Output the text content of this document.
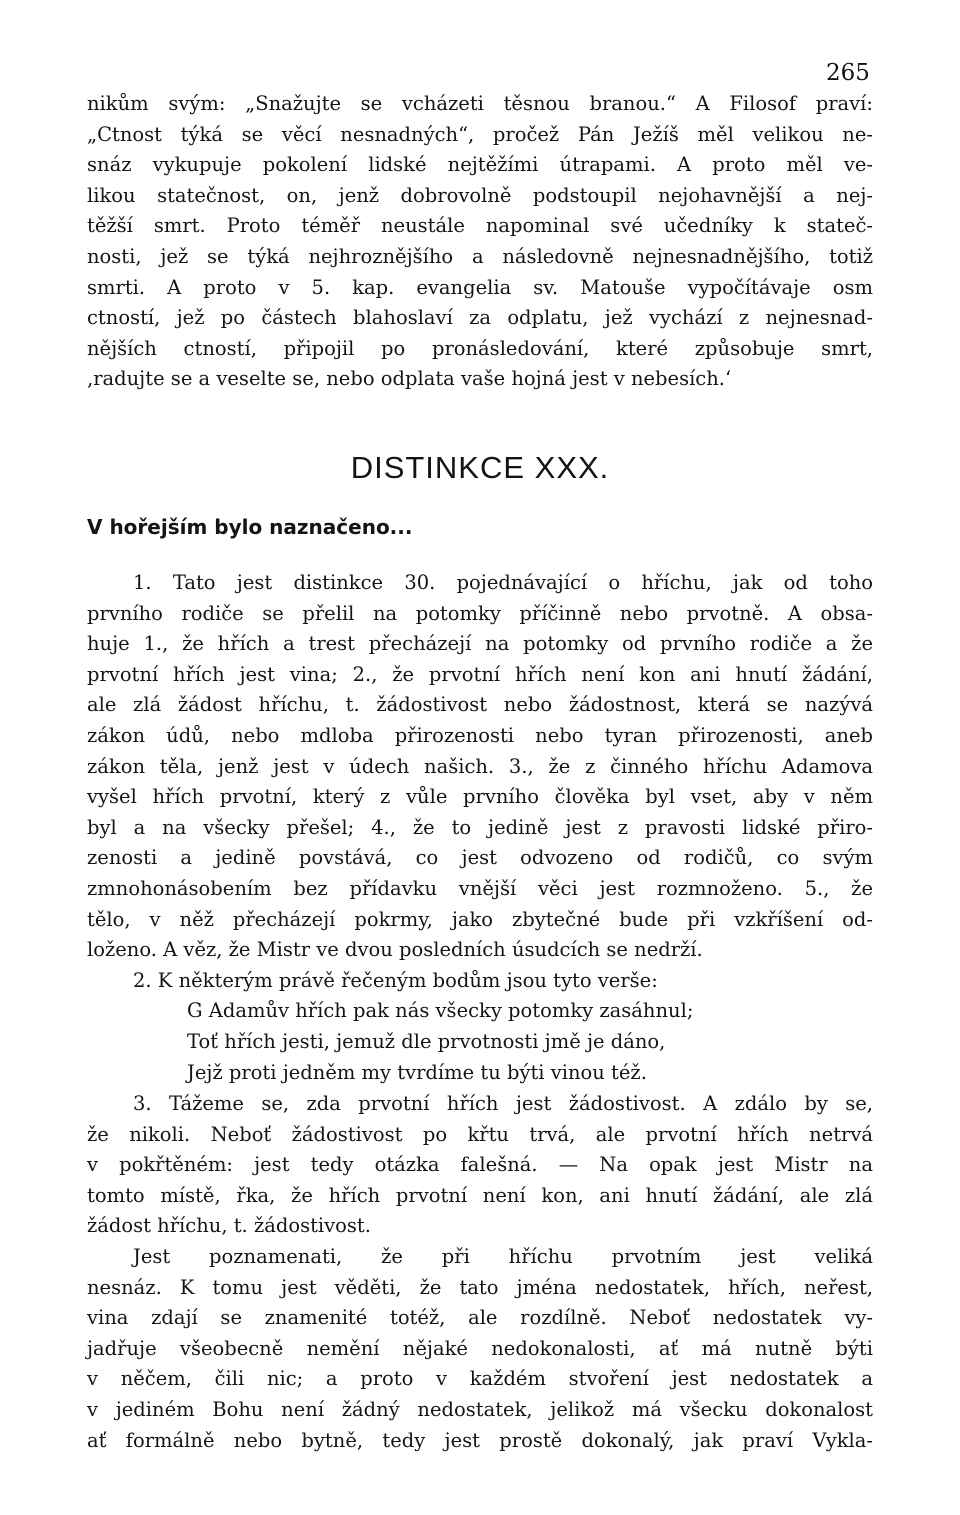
265
nikům svým: „Snažujte se vcházeti těsnou branou.“ A Filosof praví:
„Ctnost týká se věcí nesnadných“, pročež Pán Ježíš měl velikou ne-
snáz vykupuje pokolení lidské nejtěžími útrapami. A proto měl ve-
likou statečnost, on, jenž dobrovolně podstoupil nejohavnější a nej-
těžší smrt. Proto téměř neustále napominal své učedníky k stateč-
nosti, jež se týká nejhroznějšího a následovně nejnesnadnějšího, totiž
smrti. A proto v 5. kap. evangelia sv. Matouše vypočítávaje osm
ctností, jež po částech blahoslaví za odplatu, jež vychází z nejnesnad-
nějších ctností, připojil po pronásledování, které způsobuje smrt,
‚radujte se a veselte se, nebo odplata vaše hojná jest v nebesích.‘
DISTINKCE XXX.
V hořejším bylo naznačeno...
1. Tato jest distinkce 30. pojednávající o hříchu, jak od toho
prvního rodiče se přelil na potomky příčinně nebo prvotně. A obsa-
huje 1., že hřích a trest přecházejí na potomky od prvního rodiče a že
prvotní hřích jest vina; 2., že prvotní hřích není kon ani hnutí žádání,
ale zlá žádost hříchu, t. žádostivost nebo žádostnost, která se nazývá
zákon údů, nebo mdloba přirozenosti nebo tyran přirozenosti, aneb
zákon těla, jenž jest v údech našich. 3., že z činného hříchu Adamova
vyšel hřích prvotní, který z vůle prvního člověka byl vset, aby v něm
byl a na všecky přešel; 4., že to jedině jest z pravosti lidské přiro-
zenosti a jedině povstává, co jest odvozeno od rodičů, co svým
zmnohonásobením bez přídavku vnější věci jest rozmnoženo. 5., že
tělo, v něž přecházejí pokrmy, jako zbytečné bude při vzkříšení od-
loženo. A věz, že Mistr ve dvou posledních úsudcích se nedrží.
2. K některým právě řečeným bodům jsou tyto verše:
G Adamův hřích pak nás všecky potomky zasáhnul;
Toť hřích jesti, jemuž dle prvotnosti jmě je dáno,
Jejž proti jedněm my tvrdíme tu býti vinou též.
3. Tážeme se, zda prvotní hřích jest žádostivost. A zdálo by se,
že nikoli. Neboť žádostivost po křtu trvá, ale prvotní hřích netrvá
v pokřtěném: jest tedy otázka falešná. — Na opak jest Mistr na
tomto místě, řka, že hřích prvotní není kon, ani hnutí žádání, ale zlá
žádost hříchu, t. žádostivost.
Jest poznamenati, že při hříchu prvotním jest veliká
nesnáz. K tomu jest věděti, že tato jména nedostatek, hřích, neřest,
vina zdají se znamenité totéž, ale rozdílně. Neboť nedostatek vy-
jadřuje všeobecně nemění nějaké nedokonalosti, ať má nutně býti
v něčem, čili nic; a proto v každém stvoření jest nedostatek a
v jediném Bohu není žádný nedostatek, jelikož má všecku dokonalost
ať formálně nebo bytně, tedy jest prostě dokonalý, jak praví Vykla-
